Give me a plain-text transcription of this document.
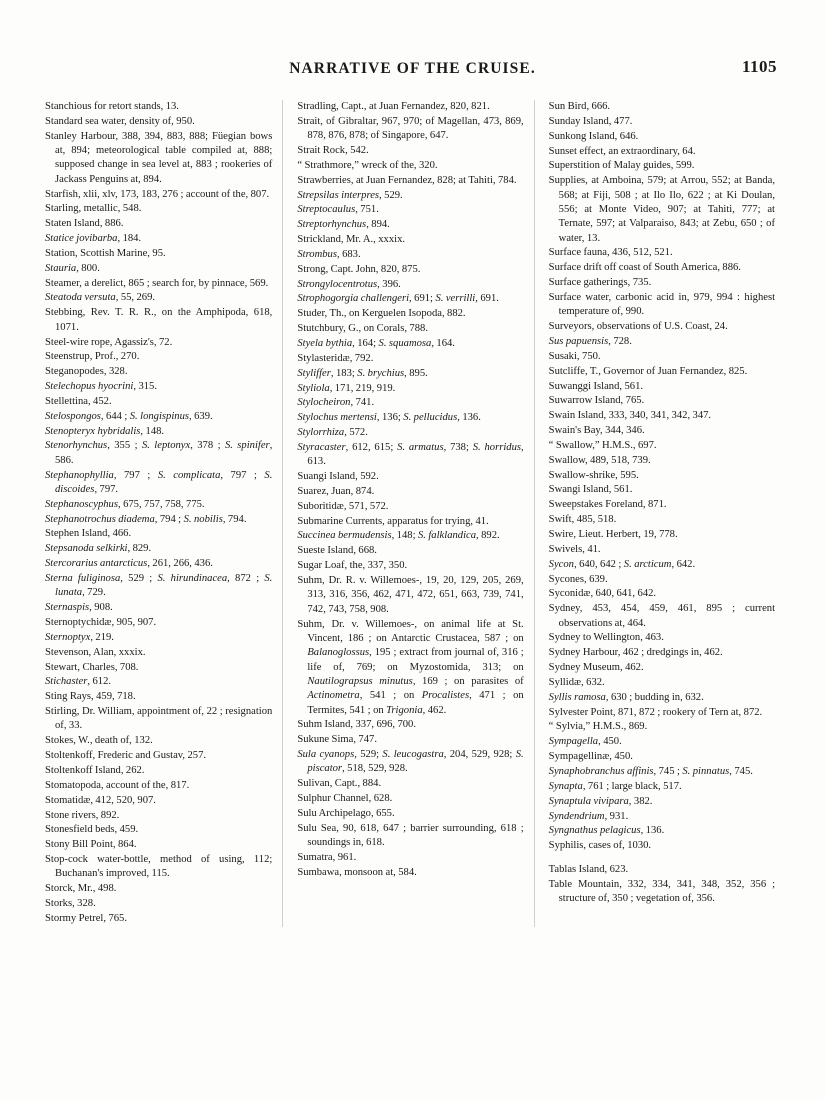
NARRATIVE OF THE CRUISE.	1105

Stanchious for retort stands, 13.

Standard sea water, density of, 950.

Stanley Harbour, 388, 394, 883, 888; Füegian bows at, 894; meteorological table compiled at, 888; supposed change in sea level at, 883 ; rookeries of Jackass Penguins at, 894.

Starfish, xlii, xlv, 173, 183, 276 ; account of the, 807.

Starling, metallic, 548.

Staten Island, 886.

Statice jovibarba, 184.

Station, Scottish Marine, 95.

Stauria, 800.

Steamer, a derelict, 865 ; search for, by pinnace, 569.

Steatoda versuta, 55, 269.

Stebbing, Rev. T. R. R., on the Amphipoda, 618, 1071.

Steel-wire rope, Agassiz's, 72.

Steenstrup, Prof., 270.

Steganopodes, 328.

Stelechopus hyocrini, 315.

Stellettina, 452.

Stelospongos, 644 ; S. longispinus, 639.

Stenopteryx hybridalis, 148.

Stenorhynchus, 355 ; S. leptonyx, 378 ; S. spinifer, 586.

Stephanophyllia, 797 ; S. complicata, 797 ; S. discoides, 797.

Stephanoscyphus, 675, 757, 758, 775.

Stephanotrochus diadema, 794 ; S. nobilis, 794.

Stephen Island, 466.

Stepsanoda selkirki, 829.

Stercorarius antarcticus, 261, 266, 436.

Sterna fuliginosa, 529 ; S. hirundinacea, 872 ; S. lunata, 729.

Sternaspis, 908.

Sternoptychidæ, 905, 907.

Sternoptyx, 219.

Stevenson, Alan, xxxix.

Stewart, Charles, 708.

Stichaster, 612.

Sting Rays, 459, 718.

Stirling, Dr. William, appointment of, 22 ; resignation of, 33.

Stokes, W., death of, 132.

Stoltenkoff, Frederic and Gustav, 257.

Stoltenkoff Island, 262.

Stomatopoda, account of the, 817.

Stomatidæ, 412, 520, 907.

Stone rivers, 892.

Stonesfield beds, 459.

Stony Bill Point, 864.

Stop-cock water-bottle, method of using, 112; Buchanan's improved, 115.

Storck, Mr., 498.

Storks, 328.

Stormy Petrel, 765.

Stradling, Capt., at Juan Fernandez, 820, 821.

Strait, of Gibraltar, 967, 970; of Magellan, 473, 869, 878, 876, 878; of Singapore, 647.

Strait Rock, 542.

“ Strathmore,” wreck of the, 320.

Strawberries, at Juan Fernandez, 828; at Tahiti, 784.

Strepsilas interpres, 529.

Streptocaulus, 751.

Streptorhynchus, 894.

Strickland, Mr. A., xxxix.

Strombus, 683.

Strong, Capt. John, 820, 875.

Strongylocentrotus, 396.

Strophogorgia challengeri, 691; S. verrilli, 691.

Studer, Th., on Kerguelen Isopoda, 882.

Stutchbury, G., on Corals, 788.

Styela bythia, 164; S. squamosa, 164.

Stylasteridæ, 792.

Styliffer, 183; S. brychius, 895.

Styliola, 171, 219, 919.

Stylocheiron, 741.

Stylochus mertensi, 136; S. pellucidus, 136.

Stylorrhiza, 572.

Styracaster, 612, 615; S. armatus, 738; S. horridus, 613.

Suangi Island, 592.

Suarez, Juan, 874.

Suboritidæ, 571, 572.

Submarine Currents, apparatus for trying, 41.

Succinea bermudensis, 148; S. falklandica, 892.

Sueste Island, 668.

Sugar Loaf, the, 337, 350.

Suhm, Dr. R. v. Willemoes-, 19, 20, 129, 205, 269, 313, 316, 356, 462, 471, 472, 651, 663, 739, 741, 742, 743, 758, 908.

Suhm, Dr. v. Willemoes-, on animal life at St. Vincent, 186 ; on Antarctic Crustacea, 587 ; on Balanoglossus, 195 ; extract from journal of, 316 ; life of, 769; on Myzostomida, 313; on Nautilograpsus minutus, 169 ; on parasites of Actinometra, 541 ; on Procalistes, 471 ; on Termites, 541 ; on Trigonia, 462.

Suhm Island, 337, 696, 700.

Sukune Sima, 747.

Sula cyanops, 529; S. leucogastra, 204, 529, 928; S. piscator, 518, 529, 928.

Sulivan, Capt., 884.

Sulphur Channel, 628.

Sulu Archipelago, 655.

Sulu Sea, 90, 618, 647 ; barrier surrounding, 618 ; soundings in, 618.

Sumatra, 961.

Sumbawa, monsoon at, 584.

Sun Bird, 666.

Sunday Island, 477.

Sunkong Island, 646.

Sunset effect, an extraordinary, 64.

Superstition of Malay guides, 599.

Supplies, at Amboina, 579; at Arrou, 552; at Banda, 568; at Fiji, 508 ; at Ilo Ilo, 622 ; at Ki Doulan, 556; at Monte Video, 907; at Tahiti, 777; at Ternate, 597; at Valparaiso, 843; at Zebu, 650 ; of water, 13.

Surface fauna, 436, 512, 521.

Surface drift off coast of South America, 886.

Surface gatherings, 735.

Surface water, carbonic acid in, 979, 994 : highest temperature of, 990.

Surveyors, observations of U.S. Coast, 24.

Sus papuensis, 728.

Susaki, 750.

Sutcliffe, T., Governor of Juan Fernandez, 825.

Suwanggi Island, 561.

Suwarrow Island, 765.

Swain Island, 333, 340, 341, 342, 347.

Swain's Bay, 344, 346.

“ Swallow,” H.M.S., 697.

Swallow, 489, 518, 739.

Swallow-shrike, 595.

Swangi Island, 561.

Sweepstakes Foreland, 871.

Swift, 485, 518.

Swire, Lieut. Herbert, 19, 778.

Swivels, 41.

Sycon, 640, 642 ; S. arcticum, 642.

Sycones, 639.

Syconidæ, 640, 641, 642.

Sydney, 453, 454, 459, 461, 895 ; current observations at, 464.

Sydney to Wellington, 463.

Sydney Harbour, 462 ; dredgings in, 462.

Sydney Museum, 462.

Syllidæ, 632.

Syllis ramosa, 630 ; budding in, 632.

Sylvester Point, 871, 872 ; rookery of Tern at, 872.

“ Sylvia,” H.M.S., 869.

Sympagella, 450.

Sympagellinæ, 450.

Synaphobranchus affinis, 745 ; S. pinnatus, 745.

Synapta, 761 ; large black, 517.

Synaptula vivipara, 382.

Syndendrium, 931.

Syngnathus pelagicus, 136.

Syphilis, cases of, 1030.

Tablas Island, 623.

Table Mountain, 332, 334, 341, 348, 352, 356 ; structure of, 350 ; vegetation of, 356.
